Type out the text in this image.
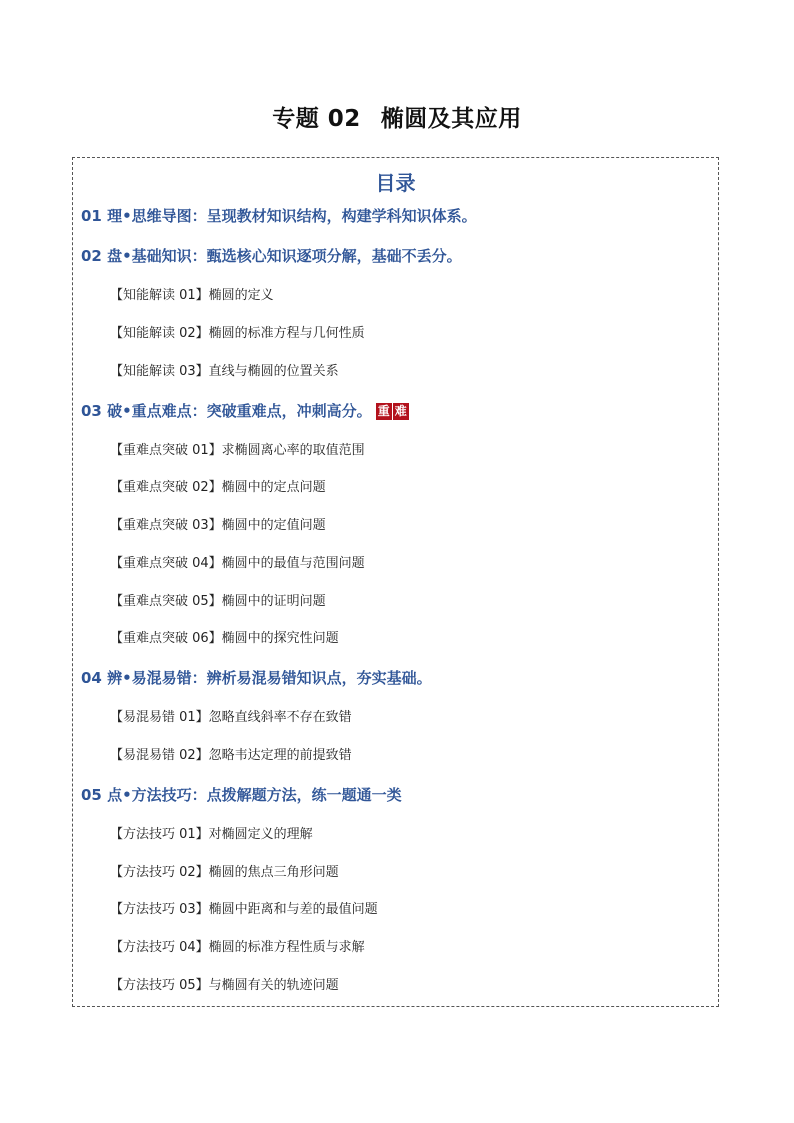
专题 02 椭圆及其应用
目录
01 理•思维导图：呈现教材知识结构，构建学科知识体系。
02 盘•基础知识：甄选核心知识逐项分解，基础不丢分。
【知能解读 01】椭圆的定义
【知能解读 02】椭圆的标准方程与几何性质
【知能解读 03】直线与椭圆的位置关系
03 破•重点难点：突破重难点，冲刺高分。 重 难
【重难点突破 01】求椭圆离心率的取值范围
【重难点突破 02】椭圆中的定点问题
【重难点突破 03】椭圆中的定值问题
【重难点突破 04】椭圆中的最值与范围问题
【重难点突破 05】椭圆中的证明问题
【重难点突破 06】椭圆中的探究性问题
04 辨•易混易错：辨析易混易错知识点，夯实基础。
【易混易错 01】忽略直线斜率不存在致错
【易混易错 02】忽略韦达定理的前提致错
05 点•方法技巧：点拨解题方法，练一题通一类
【方法技巧 01】对椭圆定义的理解
【方法技巧 02】椭圆的焦点三角形问题
【方法技巧 03】椭圆中距离和与差的最值问题
【方法技巧 04】椭圆的标准方程性质与求解
【方法技巧 05】与椭圆有关的轨迹问题
